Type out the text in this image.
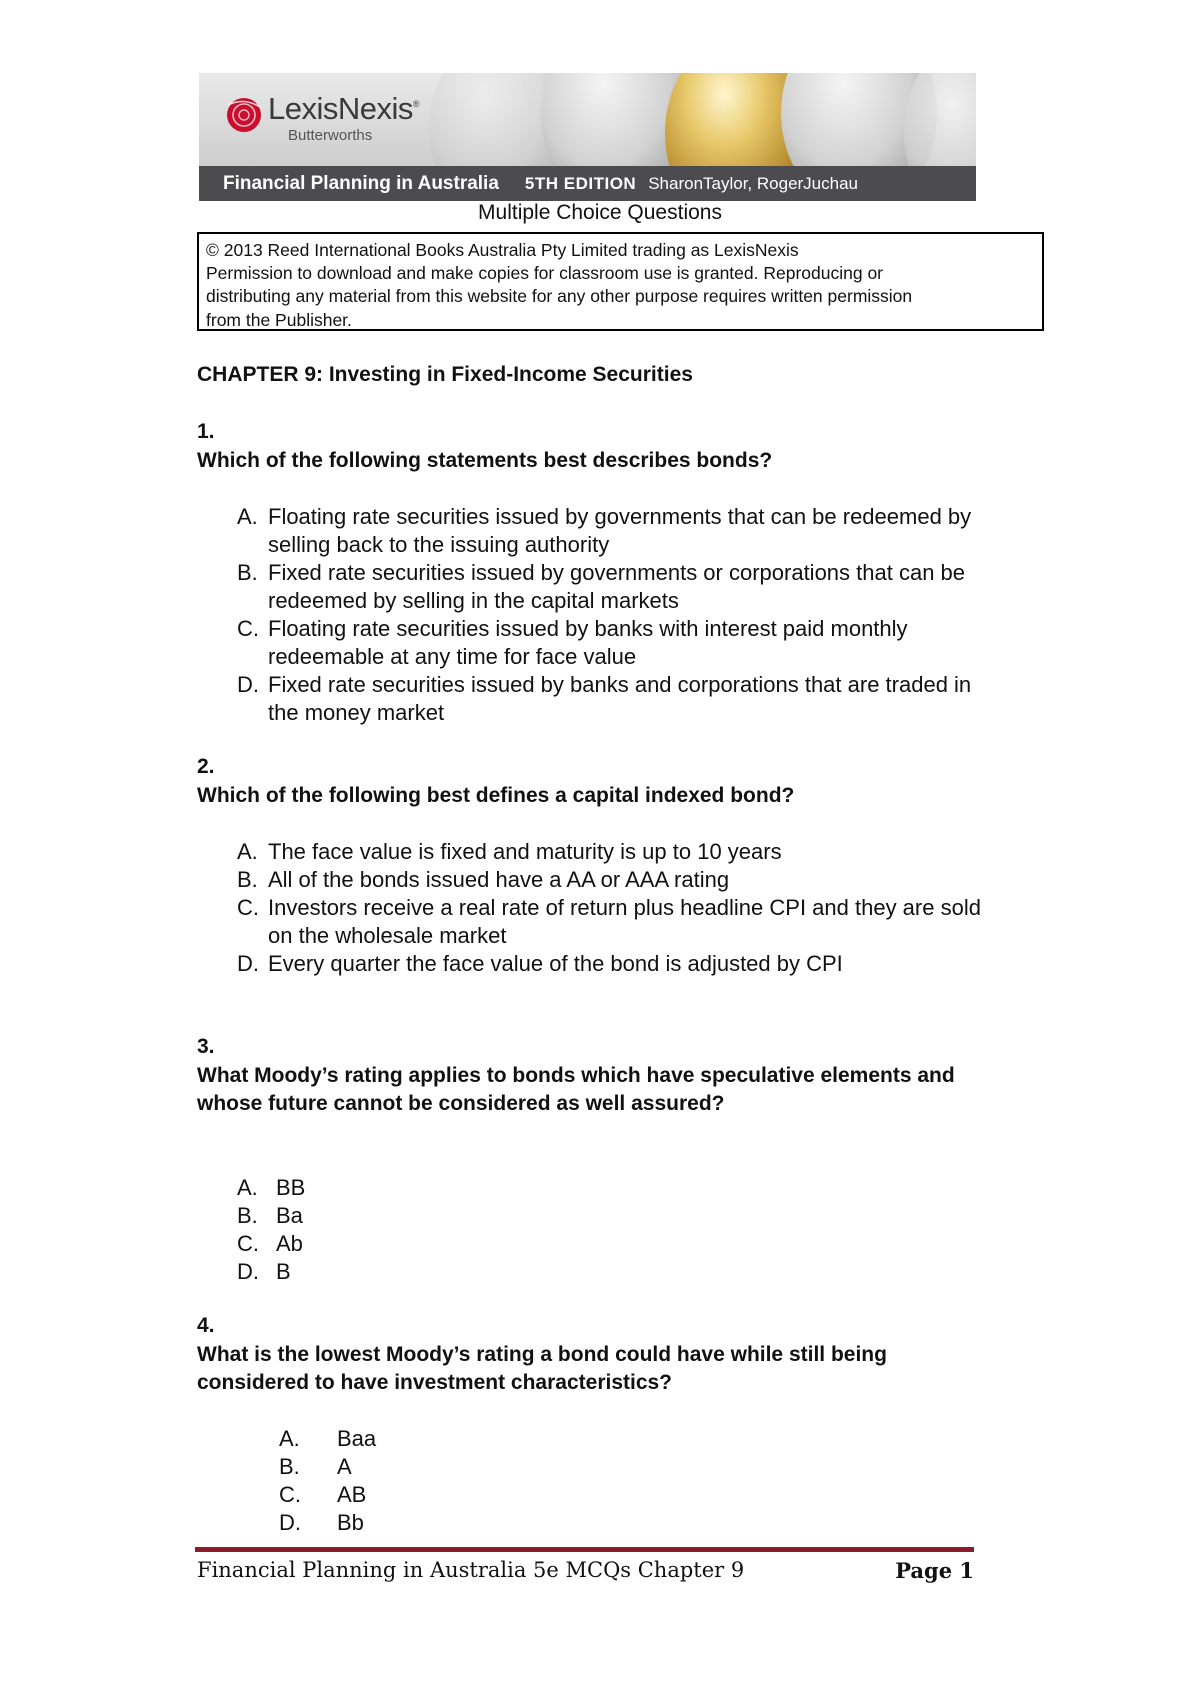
LexisNexis®
Butterworths
Financial Planning in Australia 5TH EDITION SharonTaylor, RogerJuchau
Multiple Choice Questions

© 2013 Reed International Books Australia Pty Limited trading as LexisNexis

Permission to download and make copies for classroom use is granted. Reproducing or

distributing any material from this website for any other purpose requires written permission

from the Publisher.

CHAPTER 9: Investing in Fixed-Income Securities
1.
Which of the following statements best describes bonds?
A. Floating rate securities issued by governments that can be redeemed by selling back to the issuing authority
B. Fixed rate securities issued by governments or corporations that can be redeemed by selling in the capital markets
C. Floating rate securities issued by banks with interest paid monthly redeemable at any time for face value
D. Fixed rate securities issued by banks and corporations that are traded in the money market
2.
Which of the following best defines a capital indexed bond?
A. The face value is fixed and maturity is up to 10 years
B. All of the bonds issued have a AA or AAA rating
C. Investors receive a real rate of return plus headline CPI and they are sold on the wholesale market
D. Every quarter the face value of the bond is adjusted by CPI
3.
What Moody’s rating applies to bonds which have speculative elements and whose future cannot be considered as well assured?
A. BB
B. Ba
C. Ab
D. B
4.
What is the lowest Moody’s rating a bond could have while still being considered to have investment characteristics?
A. Baa
B. A
C. AB
D. Bb
Financial Planning in Australia 5e MCQs Chapter 9	Page 1
